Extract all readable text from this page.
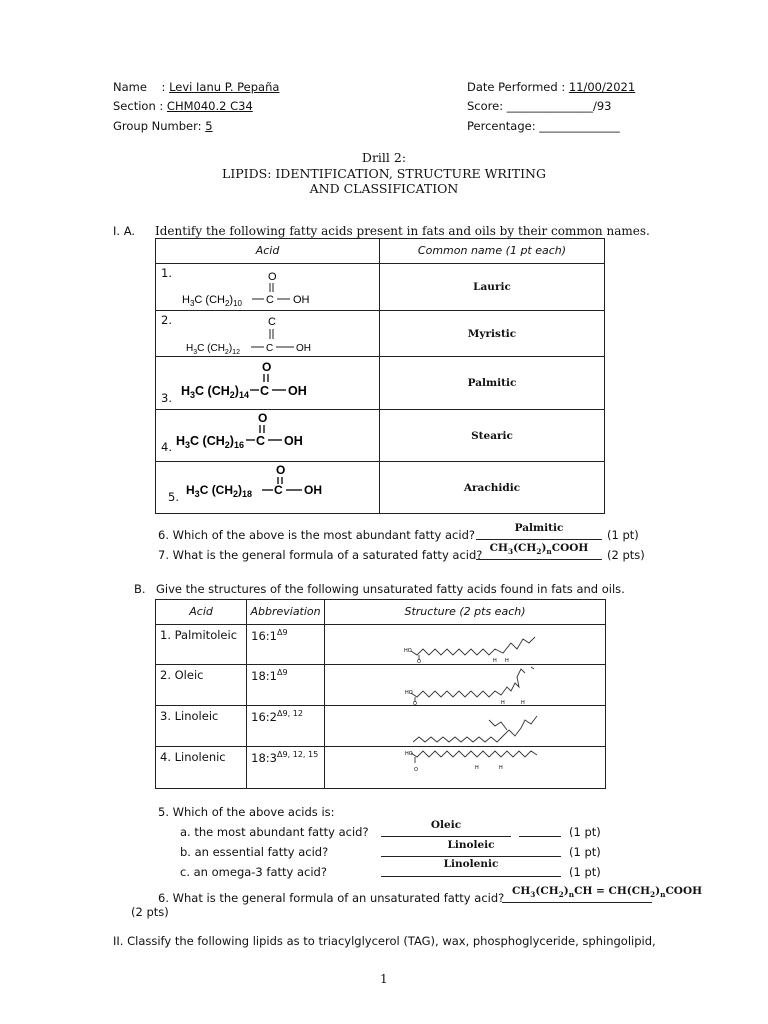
Name    : Levi Ianu P. Pepaña	Date Performed : 11/00/2021
Section : CHM040.2 C34	Score: _______________/93
Group Number: 5	Percentage: ______________
Drill 2:
LIPIDS: IDENTIFICATION, STRUCTURE WRITING
AND CLASSIFICATION
I. A. Identify the following fatty acids present in fats and oils by their common names.
Acid	Common name (1 pt each)

1. O
$H_3C$ $(CH_2)_{10}$ C OH	Lauric

2. C
$H_3C$ $(CH_2)_{12}$ C OH	Myristic

3.
O
$H_3C$ $(CH_2)_{14}$ C OH	Palmitic

4.
O
$H_3C$ $(CH_2)_{16}$ C OH	Stearic

5.
O
$H_3C$ $(CH_2)_{18}$ C OH	Arachidic
6. Which of the above is the most abundant fatty acid?	Palmitic	(1 pt)
7. What is the general formula of a saturated fatty acid? $CH_3(CH_2)_nCOOH$	(2 pts)
B. Give the structures of the following unsaturated fatty acids found in fats and oils.
Acid	Abbreviation	Structure (2 pts each)
1. Palmitoleic	$16:1^{\Delta 9}$	HO
O H H

2. Oleic	$18:1^{\Delta 9}$	HO
O H H

3. Linoleic	$16:2^{\Delta 9, 12}$	

4. Linolenic	$18:3^{\Delta 9, 12, 15}$	HO
O H H
5. Which of the above acids is:
a. the most abundant fatty acid?	Oleic	(1 pt)
b. an essential fatty acid?	Linoleic	(1 pt)
c. an omega-3 fatty acid?
Linolenic
(1 pt)
6. What is the general formula of an unsaturated fatty acid? $CH_3(CH_2)_nCH$ = $CH(CH_2)_nCOOH$
(2 pts)
II. Classify the following lipids as to triacylglycerol (TAG), wax, phosphoglyceride, sphingolipid,
1
